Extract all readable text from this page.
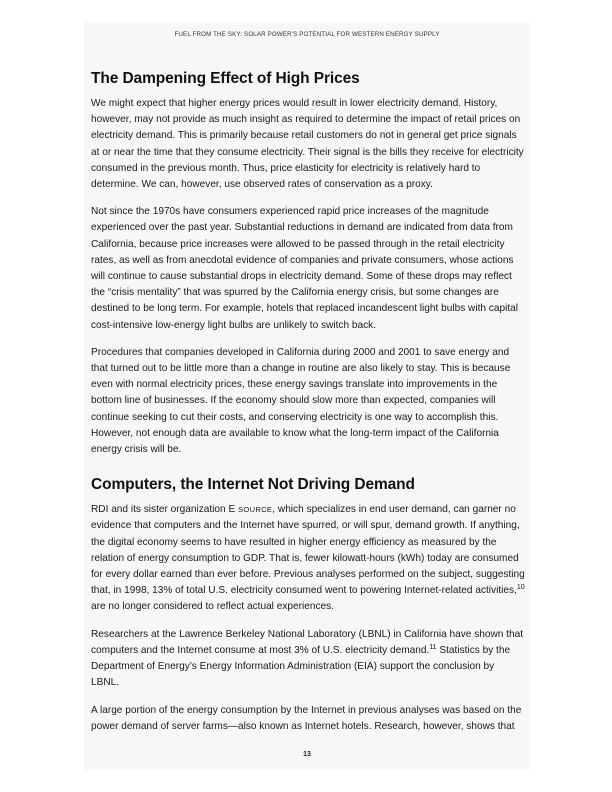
FUEL FROM THE SKY: SOLAR POWER'S POTENTIAL FOR WESTERN ENERGY SUPPLY
The Dampening Effect of High Prices

We might expect that higher energy prices would result in lower electricity demand. History, however, may not provide as much insight as required to determine the impact of retail prices on electricity demand. This is primarily because retail customers do not in general get price signals at or near the time that they consume electricity. Their signal is the bills they receive for electricity consumed in the previous month. Thus, price elasticity for electricity is relatively hard to determine. We can, however, use observed rates of conservation as a proxy.

Not since the 1970s have consumers experienced rapid price increases of the magnitude experienced over the past year. Substantial reductions in demand are indicated from data from California, because price increases were allowed to be passed through in the retail electricity rates, as well as from anecdotal evidence of companies and private consumers, whose actions will continue to cause substantial drops in electricity demand. Some of these drops may reflect the “crisis mentality” that was spurred by the California energy crisis, but some changes are destined to be long term. For example, hotels that replaced incandescent light bulbs with capital cost-intensive low-energy light bulbs are unlikely to switch back.

Procedures that companies developed in California during 2000 and 2001 to save energy and that turned out to be little more than a change in routine are also likely to stay. This is because even with normal electricity prices, these energy savings translate into improvements in the bottom line of businesses. If the economy should slow more than expected, companies will continue seeking to cut their costs, and conserving electricity is one way to accomplish this. However, not enough data are available to know what the long-term impact of the California energy crisis will be.

Computers, the Internet Not Driving Demand

RDI and its sister organization E SOURCE, which specializes in end user demand, can garner no evidence that computers and the Internet have spurred, or will spur, demand growth. If anything, the digital economy seems to have resulted in higher energy efficiency as measured by the relation of energy consumption to GDP. That is, fewer kilowatt-hours (kWh) today are consumed for every dollar earned than ever before. Previous analyses performed on the subject, suggesting that, in 1998, 13% of total U.S. electricity consumed went to powering Internet-related activities,$^{10}$ are no longer considered to reflect actual experiences.

Researchers at the Lawrence Berkeley National Laboratory (LBNL) in California have shown that computers and the Internet consume at most 3% of U.S. electricity demand.$^{11}$ Statistics by the Department of Energy’s Energy Information Administration (EIA) support the conclusion by LBNL.

A large portion of the energy consumption by the Internet in previous analyses was based on the power demand of server farms—also known as Internet hotels. Research, however, shows that

13
